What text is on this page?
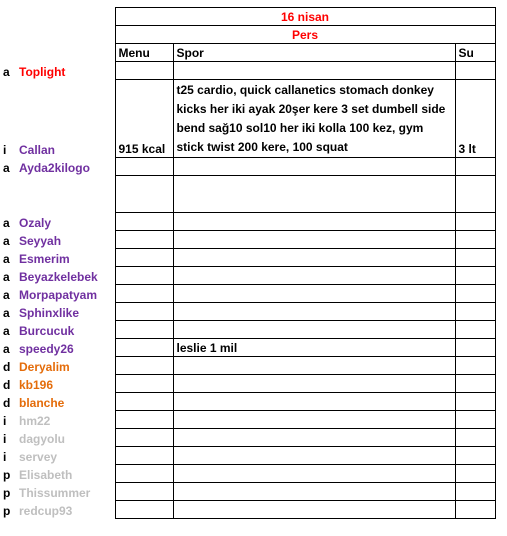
		16 nisan		
		Pers		
		Menu	Spor	Su
a	Toplight			
i	Callan	915 kcal	t25 cardio, quick callanetics stomach donkey kicks her iki ayak 20şer kere 3 set dumbell side bend sağ10 sol10 her iki kolla 100 kez, gym stick twist 200 kere, 100 squat	3 lt
a	Ayda2kilogo			

a	Ozaly			
a	Seyyah			
a	Esmerim			
a	Beyazkelebek			
a	Morpapatyam			
a	Sphinxlike			
a	Burcucuk			
a	speedy26		leslie 1 mil	
d	Deryalim			
d	kb196			
d	blanche			
i	hm22			
i	dagyolu			
i	servey			
p	Elisabeth			
p	Thissummer			
p	redcup93			
